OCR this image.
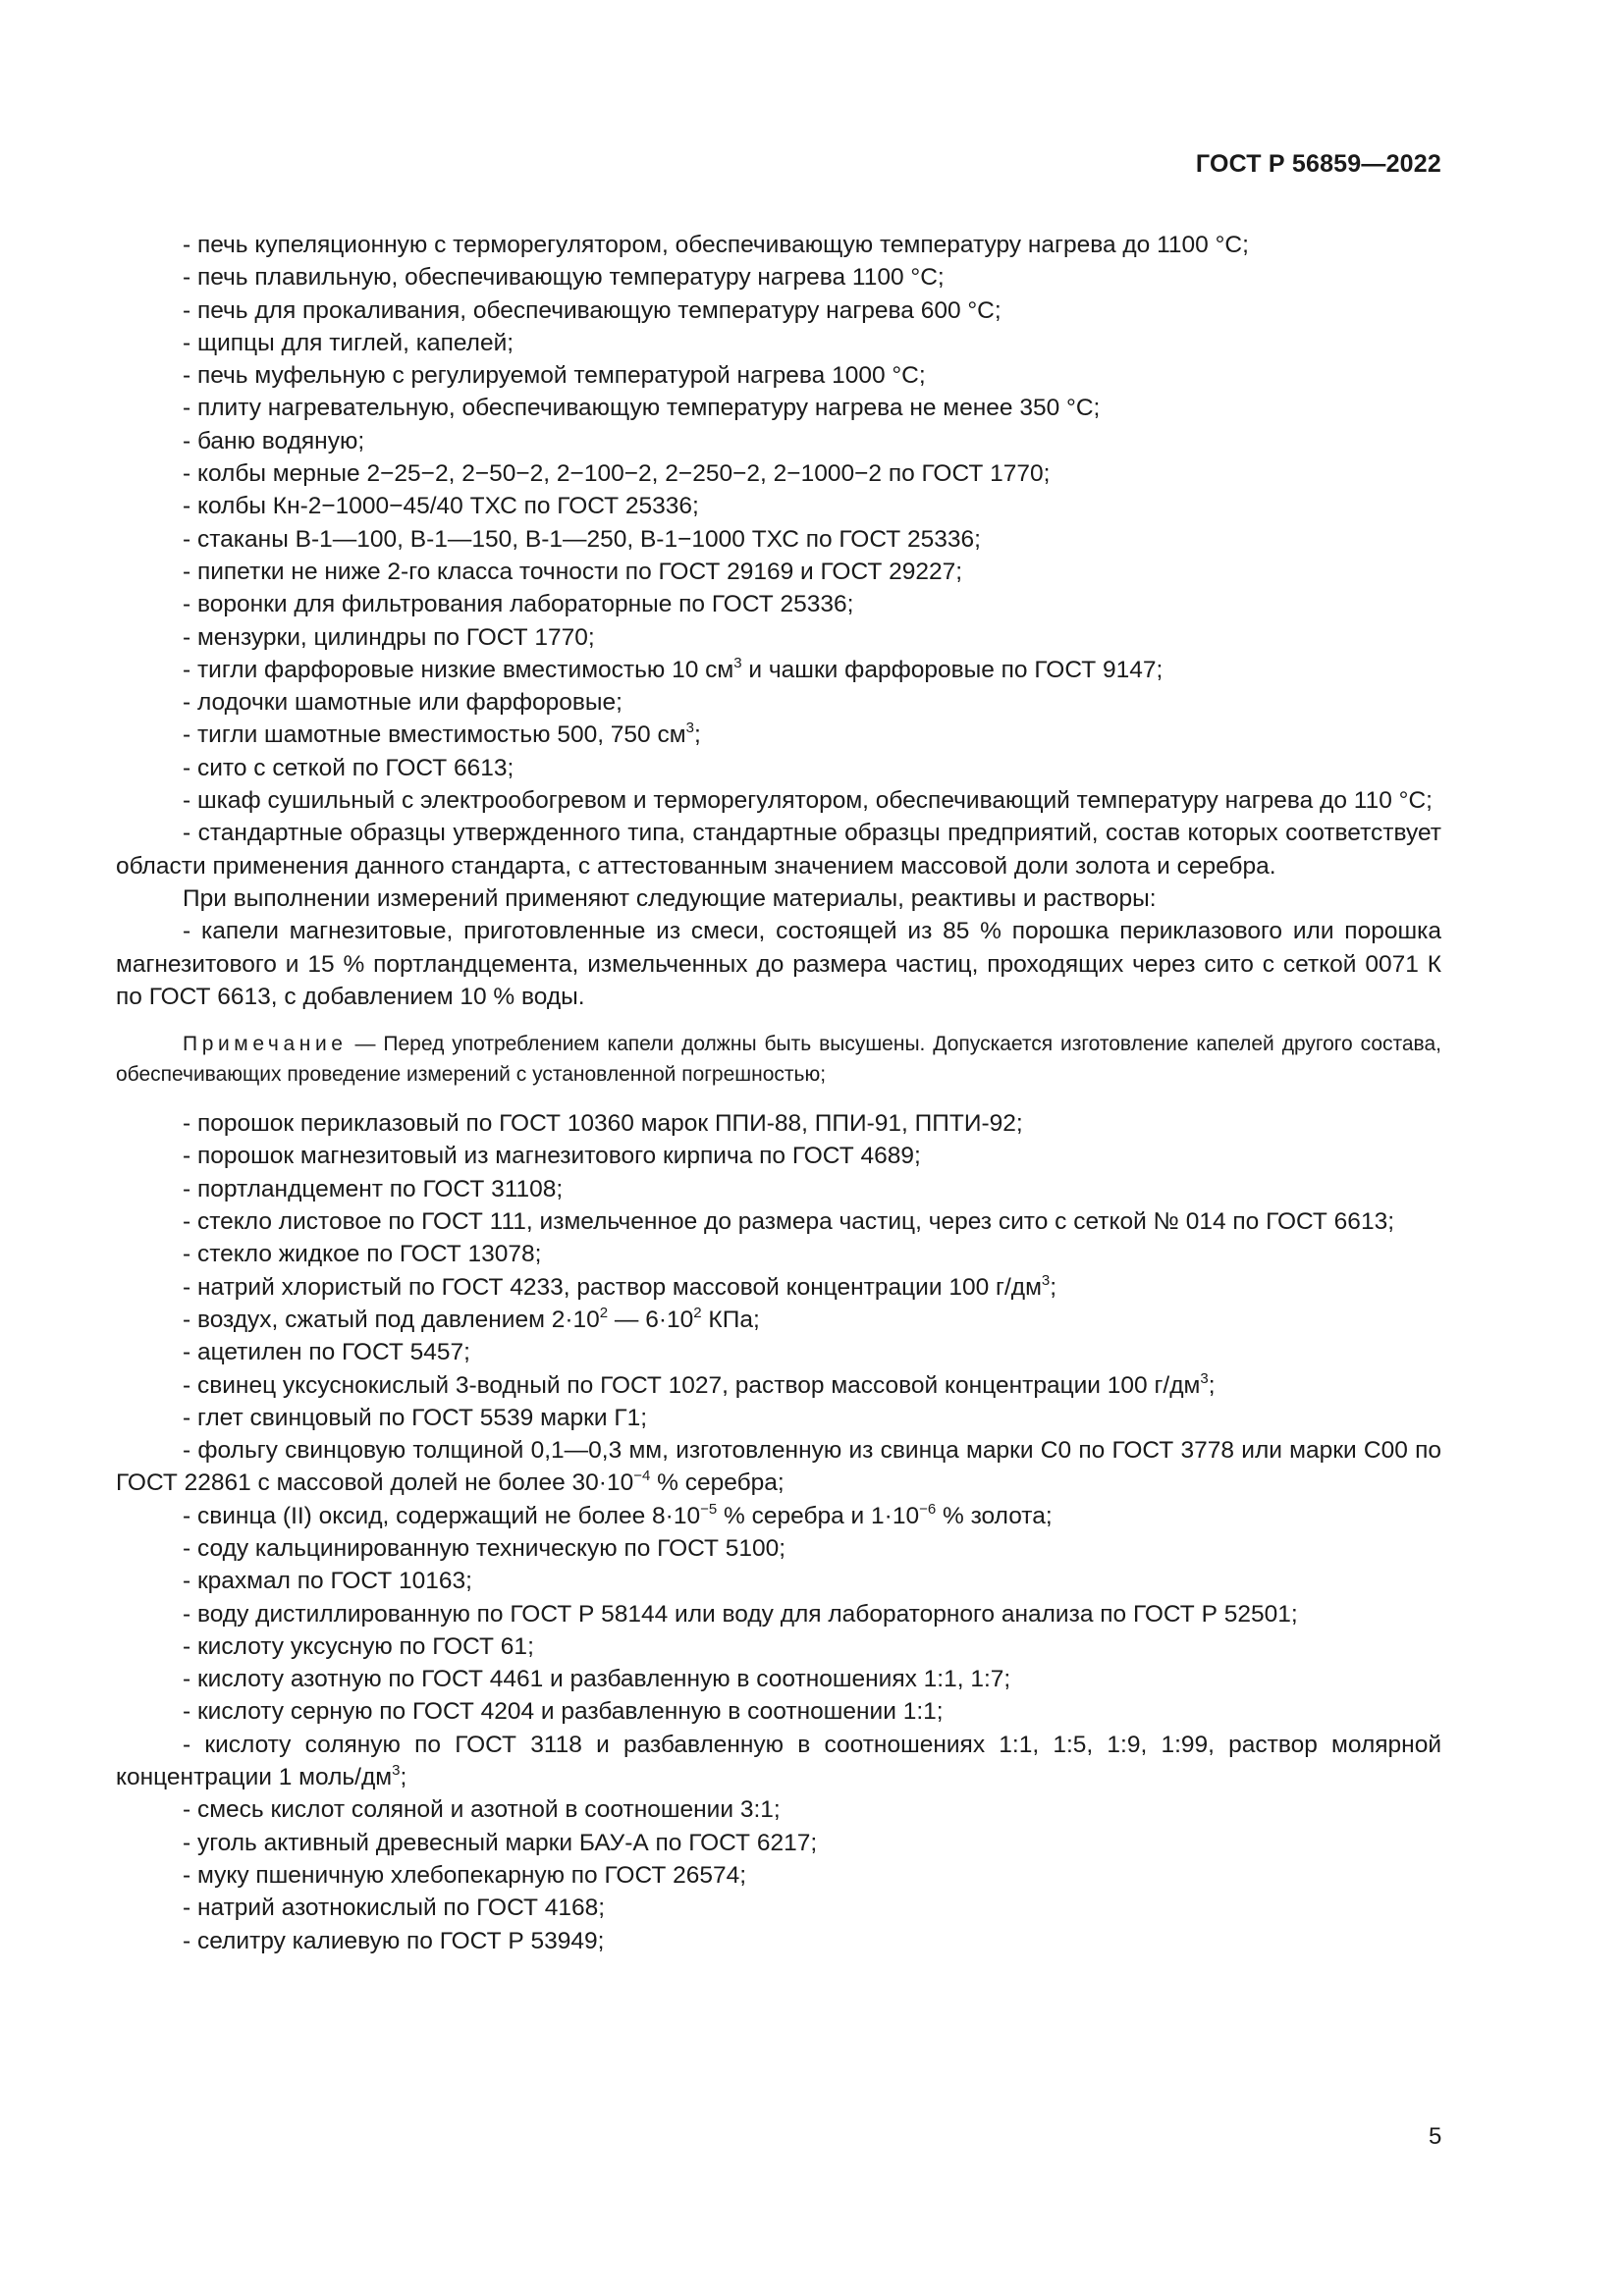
ГОСТ Р 56859—2022

- печь купеляционную с терморегулятором, обеспечивающую температуру нагрева до 1100 °С;

- печь плавильную, обеспечивающую температуру нагрева 1100 °С;

- печь для прокаливания, обеспечивающую температуру нагрева 600 °С;

- щипцы для тиглей, капелей;

- печь муфельную с регулируемой температурой нагрева 1000 °С;

- плиту нагревательную, обеспечивающую температуру нагрева не менее 350 °С;

- баню водяную;

- колбы мерные 2−25−2, 2−50−2, 2−100−2, 2−250−2, 2−1000−2 по ГОСТ 1770;

- колбы Кн-2−1000−45/40 ТХС по ГОСТ 25336;

- стаканы В-1—100, В-1—150, В-1—250, В-1−1000 ТХС по ГОСТ 25336;

- пипетки не ниже 2-го класса точности по ГОСТ 29169 и ГОСТ 29227;

- воронки для фильтрования лабораторные по ГОСТ 25336;

- мензурки, цилиндры по ГОСТ 1770;

- тигли фарфоровые низкие вместимостью 10 $см^3$ и чашки фарфоровые по ГОСТ 9147;

- лодочки шамотные или фарфоровые;

- тигли шамотные вместимостью 500, 750 $см^3$;

- сито с сеткой по ГОСТ 6613;

- шкаф сушильный с электрообогревом и терморегулятором, обеспечивающий температуру нагрева до 110 °С;

- стандартные образцы утвержденного типа, стандартные образцы предприятий, состав которых соответствует области применения данного стандарта, с аттестованным значением массовой доли золота и серебра.

При выполнении измерений применяют следующие материалы, реактивы и растворы:

- капели магнезитовые, приготовленные из смеси, состоящей из 85 % порошка периклазового или порошка магнезитового и 15 % портландцемента, измельченных до размера частиц, проходящих через сито с сеткой 0071 К по ГОСТ 6613, с добавлением 10 % воды.

Примечание — Перед употреблением капели должны быть высушены. Допускается изготовление капелей другого состава, обеспечивающих проведение измерений с установленной погрешностью;

- порошок периклазовый по ГОСТ 10360 марок ППИ-88, ППИ-91, ППТИ-92;

- порошок магнезитовый из магнезитового кирпича по ГОСТ 4689;

- портландцемент по ГОСТ 31108;

- стекло листовое по ГОСТ 111, измельченное до размера частиц, через сито с сеткой № 014 по ГОСТ 6613;

- стекло жидкое по ГОСТ 13078;

- натрий хлористый по ГОСТ 4233, раствор массовой концентрации 100 $г/дм^3$;

- воздух, сжатый под давлением $2\cdot 10^2$ — $6\cdot 10^2$ КПа;

- ацетилен по ГОСТ 5457;

- свинец уксуснокислый 3-водный по ГОСТ 1027, раствор массовой концентрации 100 $г/дм^3$;

- глет свинцовый по ГОСТ 5539 марки Г1;

- фольгу свинцовую толщиной 0,1—0,3 мм, изготовленную из свинца марки С0 по ГОСТ 3778 или марки С00 по ГОСТ 22861 с массовой долей не более $30\cdot 10^{-4}$ % серебра;

- свинца (II) оксид, содержащий не более $8\cdot 10^{-5}$ % серебра и $1\cdot 10^{-6}$ % золота;

- соду кальцинированную техническую по ГОСТ 5100;

- крахмал по ГОСТ 10163;

- воду дистиллированную по ГОСТ Р 58144 или воду для лабораторного анализа по ГОСТ Р 52501;

- кислоту уксусную по ГОСТ 61;

- кислоту азотную по ГОСТ 4461 и разбавленную в соотношениях 1:1, 1:7;

- кислоту серную по ГОСТ 4204 и разбавленную в соотношении 1:1;

- кислоту соляную по ГОСТ 3118 и разбавленную в соотношениях 1:1, 1:5, 1:9, 1:99, раствор молярной концентрации 1 моль/$дм^3$;

- смесь кислот соляной и азотной в соотношении 3:1;

- уголь активный древесный марки БАУ-А по ГОСТ 6217;

- муку пшеничную хлебопекарную по ГОСТ 26574;

- натрий азотнокислый по ГОСТ 4168;

- селитру калиевую по ГОСТ Р 53949;

5
